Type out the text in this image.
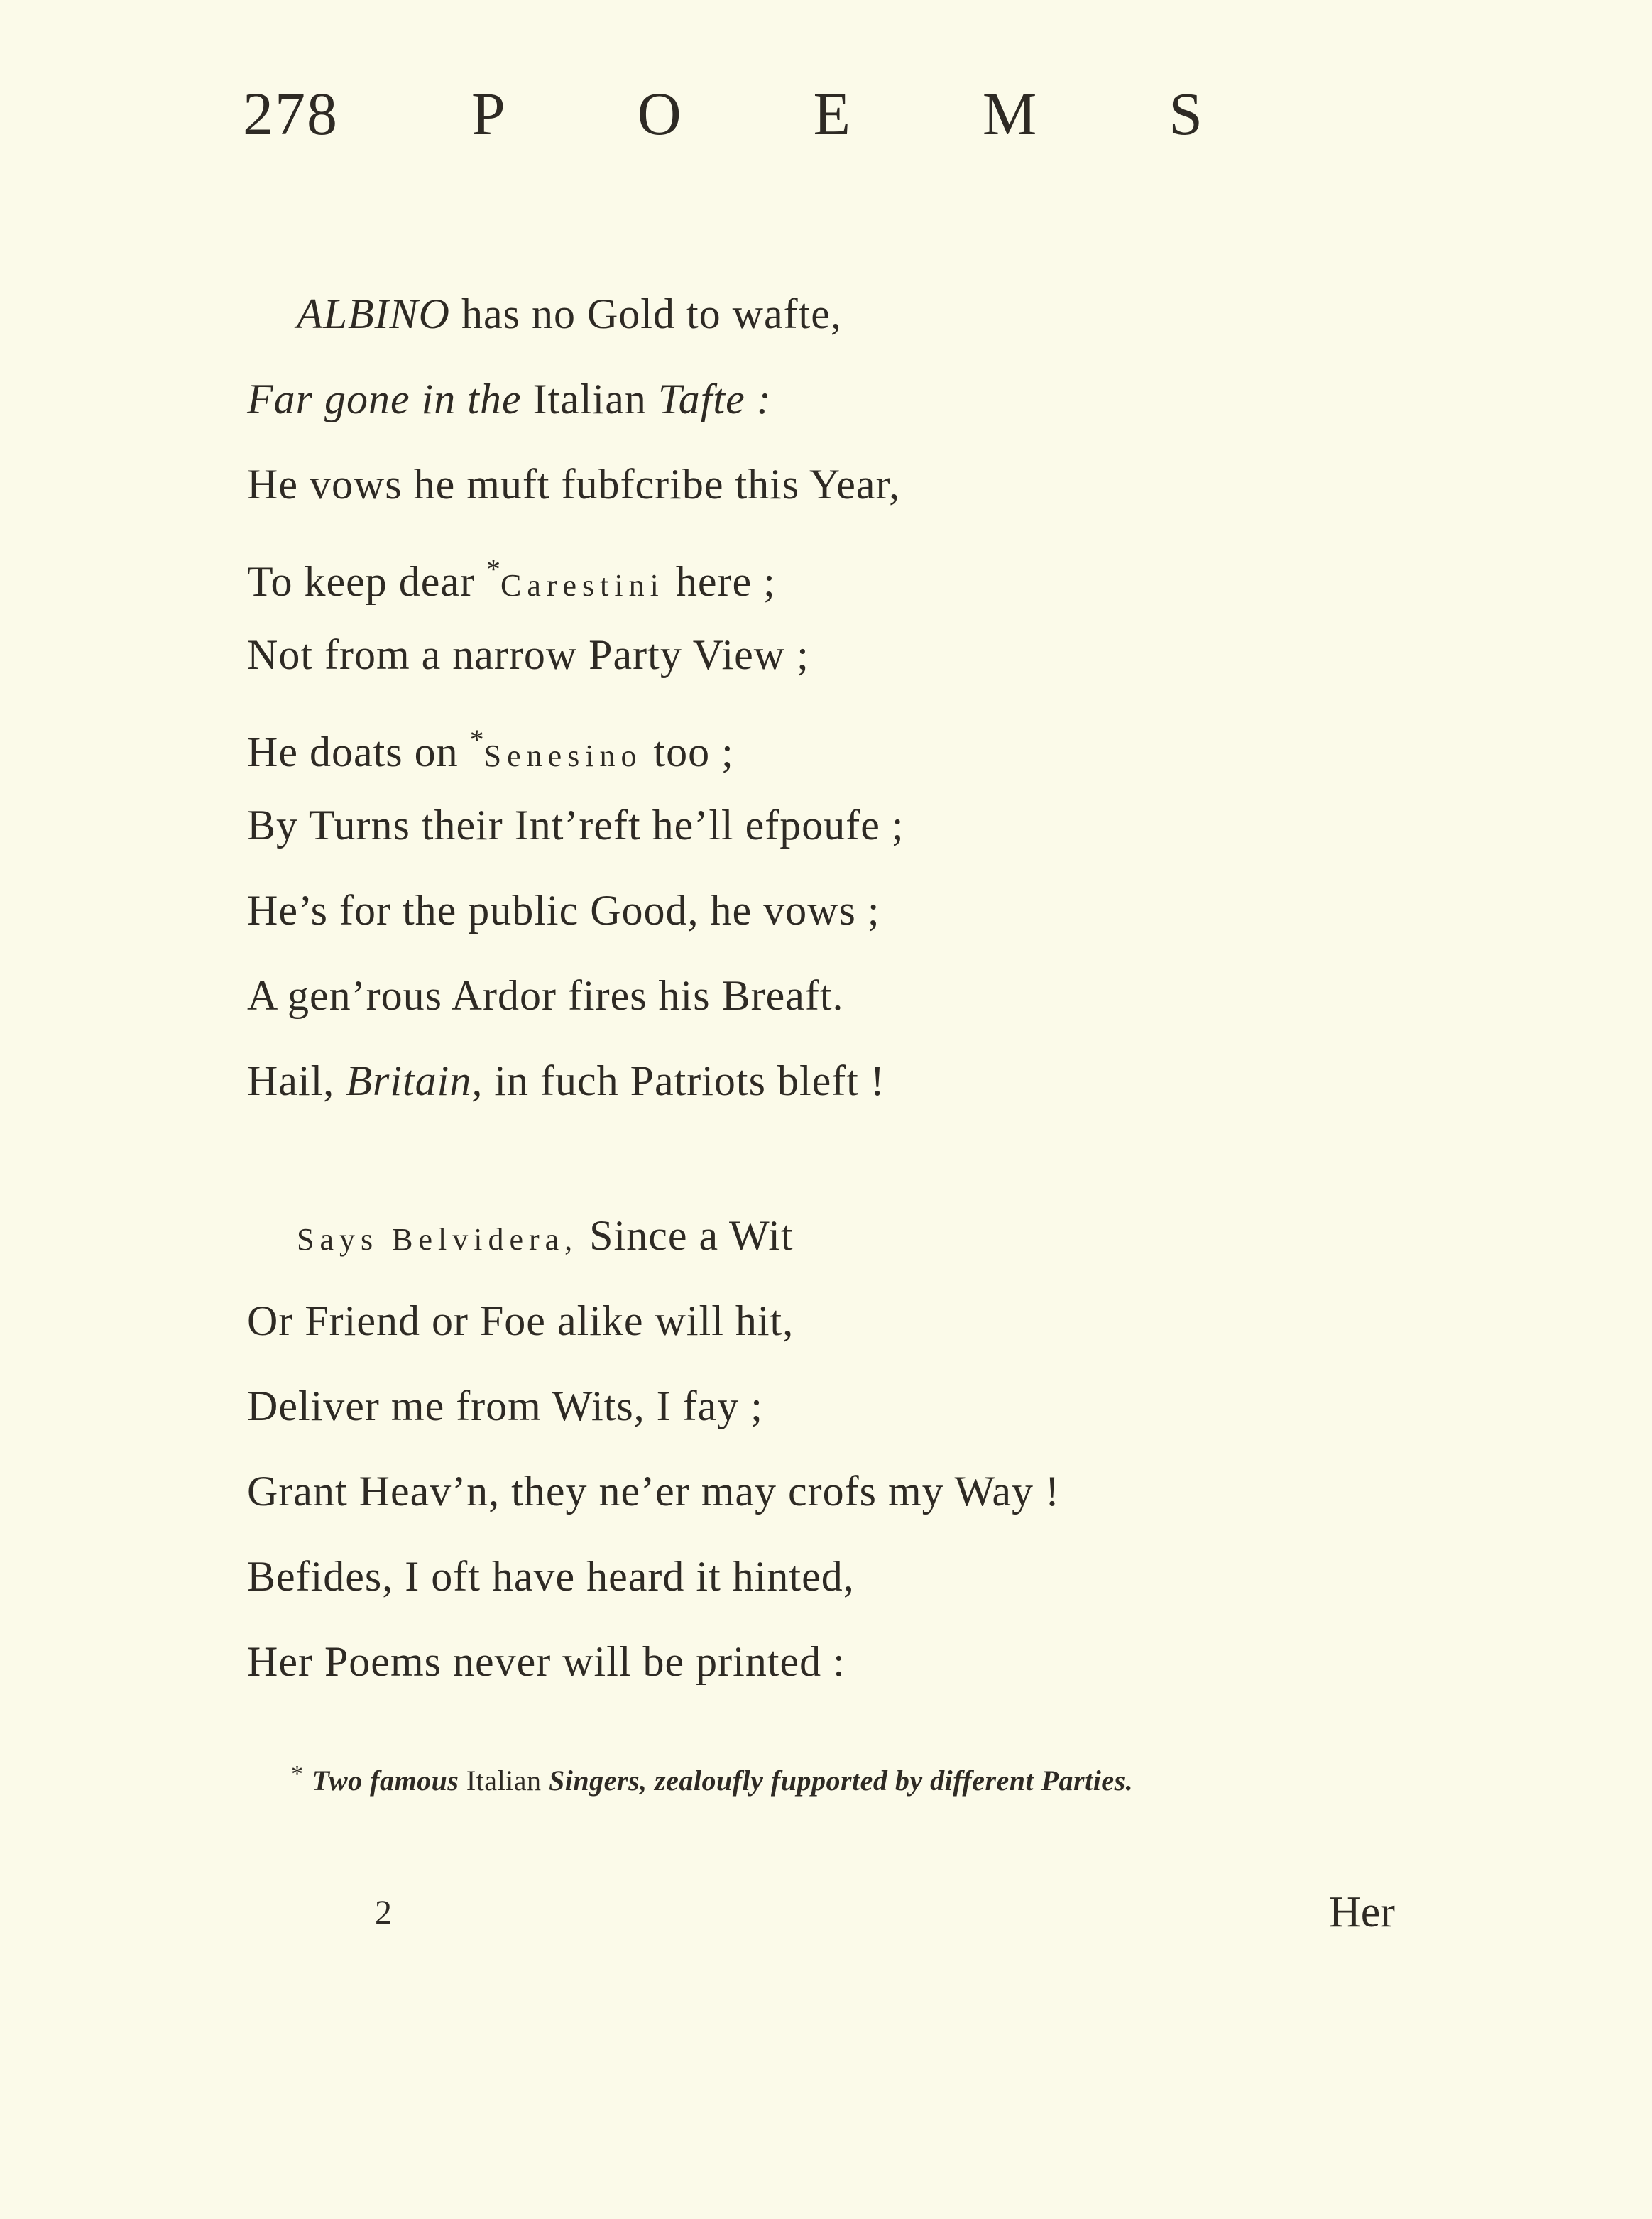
278 P O E M S
ALBINO has no Gold to wafte,
Far gone in the Italian Tafte :
He vows he muft fubfcribe this Year,
To keep dear *Carestini here ;
Not from a narrow Party View ;
He doats on *Senesino too ;
By Turns their Int’reft he’ll efpoufe ;
He’s for the public Good, he vows ;
A gen’rous Ardor fires his Breaft.
Hail, Britain, in fuch Patriots bleft !
Says Belvidera, Since a Wit
Or Friend or Foe alike will hit,
Deliver me from Wits, I fay ;
Grant Heav’n, they ne’er may crofs my Way !
Befides, I oft have heard it hinted,
Her Poems never will be printed :
* Two famous Italian Singers, zealoufly fupported by different Parties.
2	Her
